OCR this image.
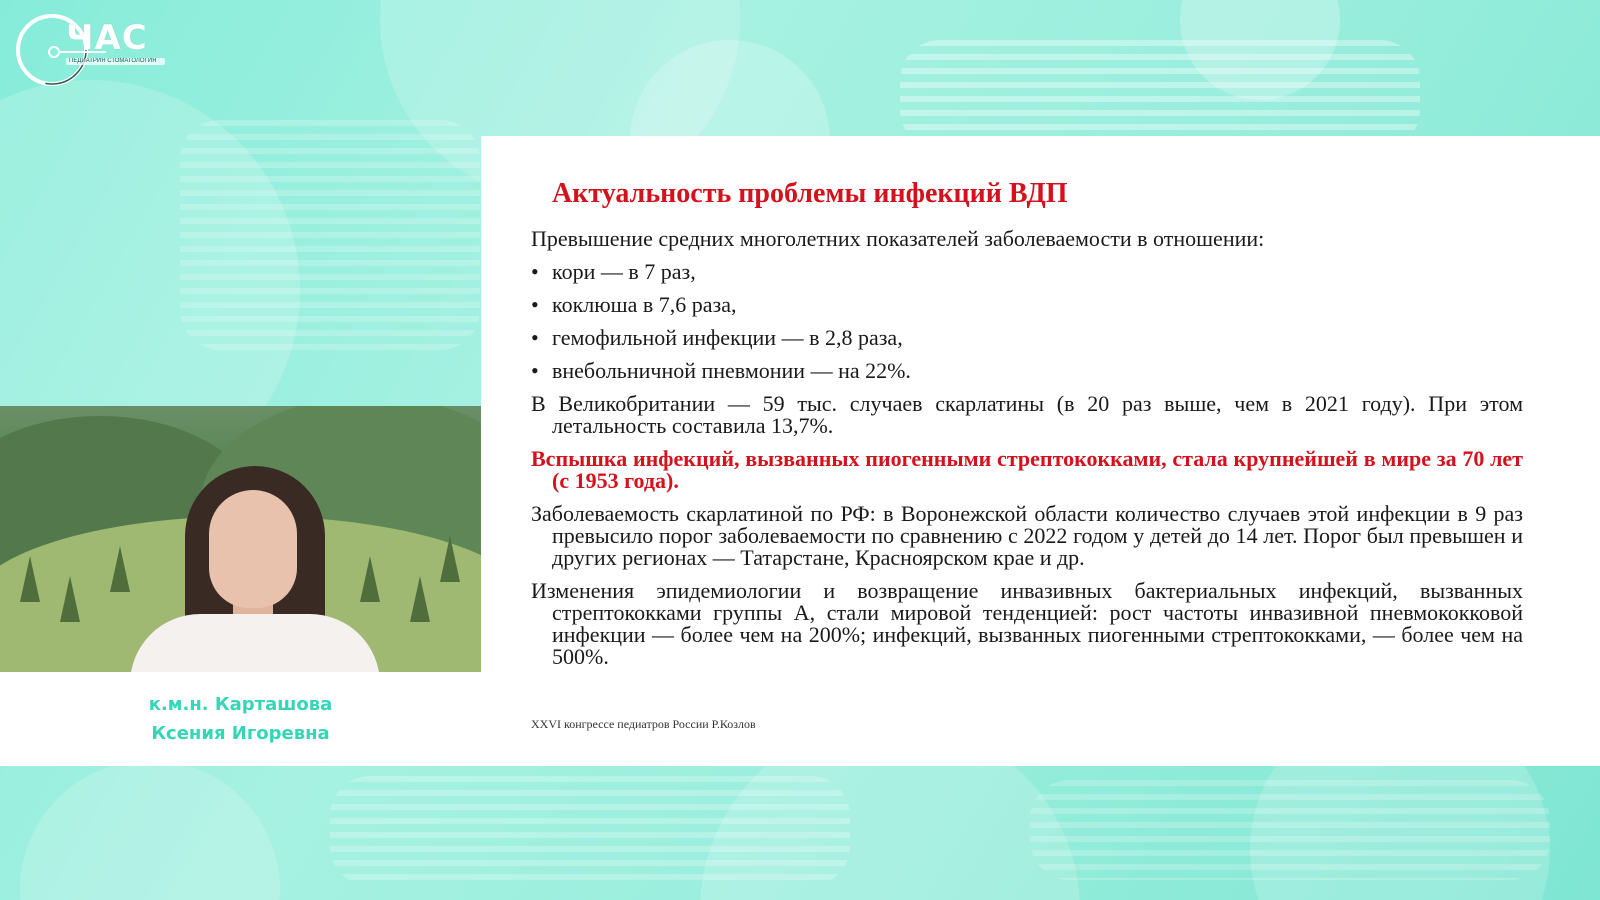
ЧАС
ПЕДИАТРИЯ СТОМАТОЛОГИЯ
к.м.н. Карташова
Ксения Игоревна
Актуальность проблемы инфекций ВДП

Превышение средних многолетних показателей заболеваемости в отношении:

• кори — в 7 раз,
• коклюша в 7,6 раза,
• гемофильной инфекции — в 2,8 раза,
• внебольничной пневмонии — на 22%.

В Великобритании — 59 тыс. случаев скарлатины (в 20 раз выше, чем в 2021 году). При этом летальность составила 13,7%.

Вспышка инфекций, вызванных пиогенными стрептококками, стала крупнейшей в мире за 70 лет (с 1953 года).

Заболеваемость скарлатиной по РФ: в Воронежской области количество случаев этой инфекции в 9 раз превысило порог заболеваемости по сравнению с 2022 годом у детей до 14 лет. Порог был превышен и других регионах — Татарстане, Красноярском крае и др.

Изменения эпидемиологии и возвращение инвазивных бактериальных инфекций, вызванных стрептококками группы А, стали мировой тенденцией: рост частоты инвазивной пневмококковой инфекции — более чем на 200%; инфекций, вызванных пиогенными стрептококками, — более чем на 500%.

XXVI конгрессе педиатров России Р.Козлов
